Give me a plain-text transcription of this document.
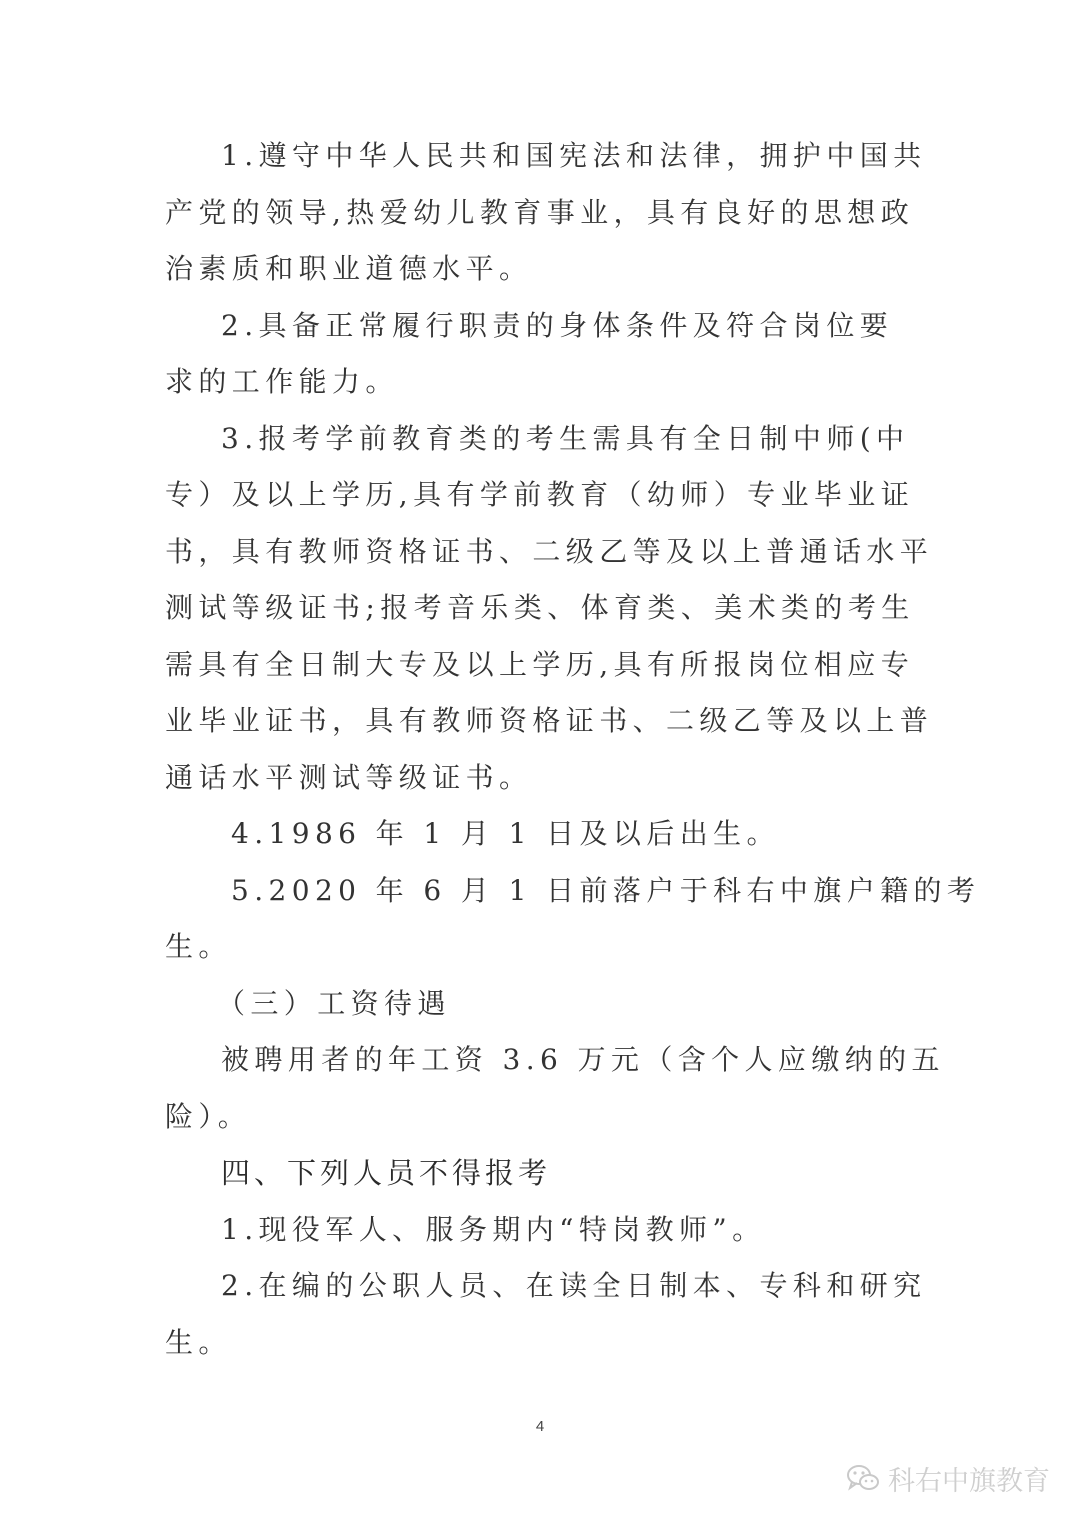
1.遵守中华人民共和国宪法和法律，拥护中国共
产党的领导,热爱幼儿教育事业，具有良好的思想政
治素质和职业道德水平。
2.具备正常履行职责的身体条件及符合岗位要
求的工作能力。
3.报考学前教育类的考生需具有全日制中师(中
专）及以上学历,具有学前教育（幼师）专业毕业证
书，具有教师资格证书、二级乙等及以上普通话水平
测试等级证书;报考音乐类、体育类、美术类的考生
需具有全日制大专及以上学历,具有所报岗位相应专
业毕业证书，具有教师资格证书、二级乙等及以上普
通话水平测试等级证书。
4.1986 年 1 月 1 日及以后出生。
5.2020 年 6 月 1 日前落户于科右中旗户籍的考
生。
（三）工资待遇
被聘用者的年工资 3.6 万元（含个人应缴纳的五
险）。
四、下列人员不得报考
1.现役军人、服务期内“特岗教师”。
2.在编的公职人员、在读全日制本、专科和研究
生。
4
科右中旗教育
